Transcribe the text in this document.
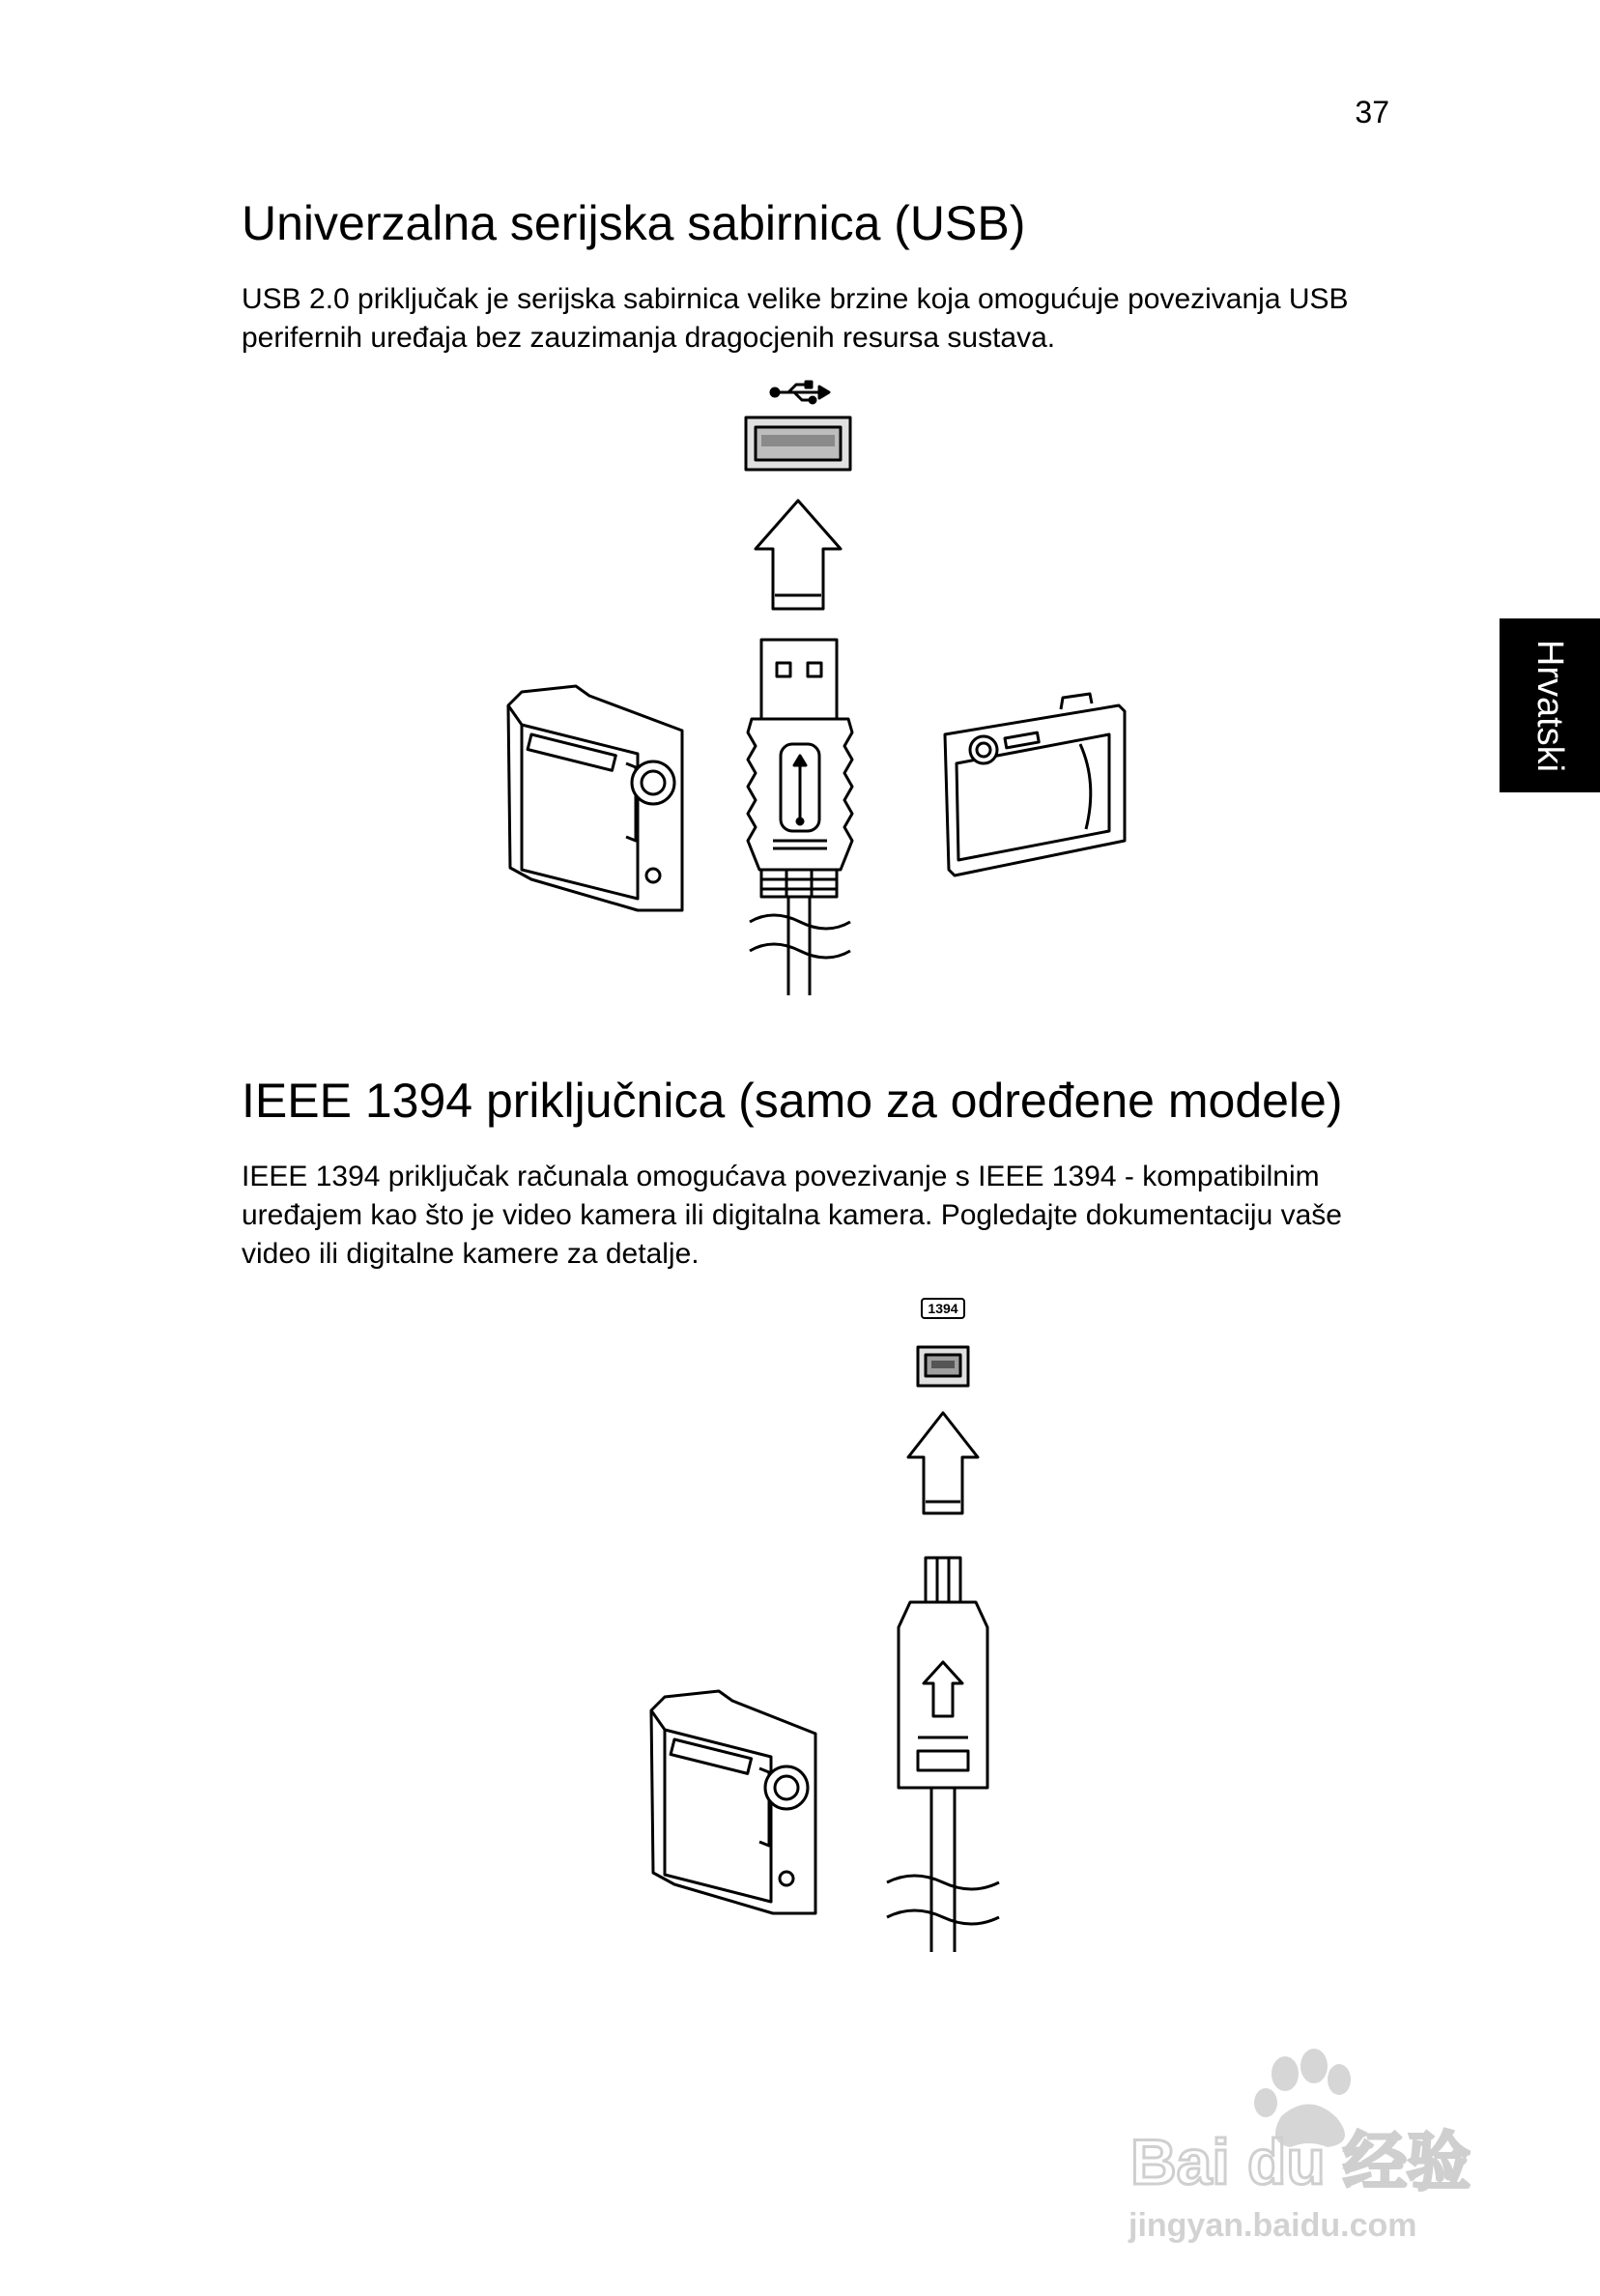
37
Hrvatski
Univerzalna serijska sabirnica (USB)

USB 2.0 priključak je serijska sabirnica velike brzine koja omogućuje povezivanja USB perifernih uređaja bez zauzimanja dragocjenih resursa sustava.

IEEE 1394 priključnica (samo za određene modele)

IEEE 1394 priključak računala omogućava povezivanje s IEEE 1394 - kompatibilnim uređajem kao što je video kamera ili digitalna kamera. Pogledajte dokumentaciju vaše video ili digitalne kamere za detalje.

1394
Bai du 经验
jingyan.baidu.com
